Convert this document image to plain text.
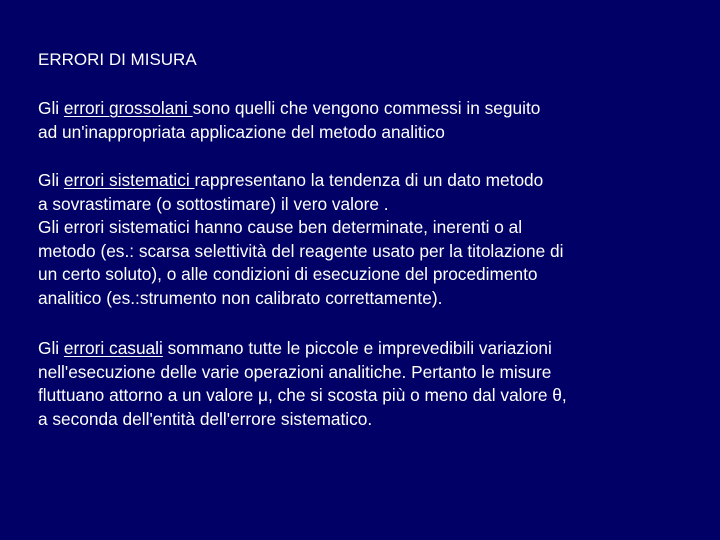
ERRORI DI MISURA
Gli errori grossolani sono quelli che vengono commessi in seguito
ad un'inappropriata applicazione del metodo analitico
Gli errori sistematici rappresentano la tendenza di un dato metodo
a sovrastimare (o sottostimare) il vero valore .
Gli errori sistematici hanno cause ben determinate, inerenti o al
metodo (es.: scarsa selettività del reagente usato per la titolazione di
un certo soluto), o alle condizioni di esecuzione del procedimento
analitico (es.:strumento non calibrato correttamente).
Gli errori casuali sommano tutte le piccole e imprevedibili variazioni
nell'esecuzione delle varie operazioni analitiche. Pertanto le misure
fluttuano attorno a un valore μ, che si scosta più o meno dal valore θ,
a seconda dell'entità dell'errore sistematico.
